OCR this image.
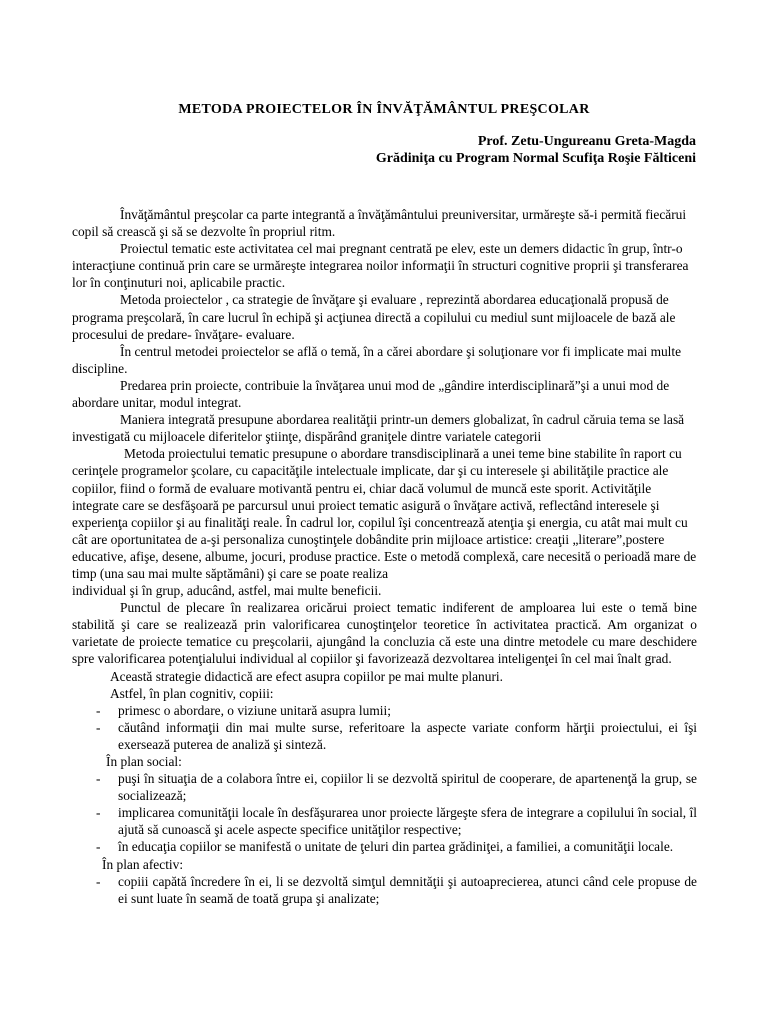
METODA PROIECTELOR ÎN ÎNVĂŢĂMÂNTUL PREŞCOLAR

Prof. Zetu-Ungureanu Greta-Magda

Grădiniţa cu Program Normal Scufiţa Roşie Fălticeni

Învăţământul preşcolar ca parte integrantă a învăţământului preuniversitar, urmăreşte să-i permită fiecărui copil să crească şi să se dezvolte în propriul ritm.

Proiectul tematic este activitatea cel mai pregnant centrată pe elev, este un demers didactic în grup, într-o interacţiune continuă prin care se urmăreşte integrarea noilor informaţii în structuri cognitive proprii şi transferarea lor în conţinuturi noi, aplicabile practic.

Metoda proiectelor , ca strategie de învăţare şi evaluare , reprezintă abordarea educaţională propusă de programa preşcolară, în care lucrul în echipă şi acţiunea directă a copilului cu mediul sunt mijloacele de bază ale procesului de predare- învăţare- evaluare.

În centrul metodei proiectelor se află o temă, în a cărei abordare şi soluţionare vor fi implicate mai multe discipline.

Predarea prin proiecte, contribuie la învăţarea unui mod de „gândire interdisciplinară”şi a unui mod de abordare unitar, modul integrat.

Maniera integrată presupune abordarea realităţii printr-un demers globalizat, în cadrul căruia tema se lasă investigată cu mijloacele diferitelor ştiinţe, dispărând graniţele dintre variatele categorii

Metoda proiectului tematic presupune o abordare transdisciplinară a unei teme bine stabilite în raport cu cerinţele programelor şcolare, cu capacităţile intelectuale implicate, dar şi cu interesele şi abilităţile practice ale copiilor, fiind o formă de evaluare motivantă pentru ei, chiar dacă volumul de muncă este sporit. Activităţile integrate care se desfăşoară pe parcursul unui proiect tematic asigură o învăţare activă, reflectând interesele şi experienţa copiilor şi au finalităţi reale. În cadrul lor, copilul îşi concentrează atenţia şi energia, cu atât mai mult cu cât are oportunitatea de a-şi personaliza cunoştinţele dobândite prin mijloace artistice: creaţii „literare”,postere educative, afişe, desene, albume, jocuri, produse practice. Este o metodă complexă, care necesită o perioadă mare de timp (una sau mai multe săptămâni) şi care se poate realiza

individual şi în grup, aducând, astfel, mai multe beneficii.

Punctul de plecare în realizarea oricărui proiect tematic indiferent de amploarea lui este o temă bine stabilită şi care se realizează prin valorificarea cunoştinţelor teoretice în activitatea practică. Am organizat o varietate de proiecte tematice cu preşcolarii, ajungând la concluzia că este una dintre metodele cu mare deschidere spre valorificarea potenţialului individual al copiilor şi favorizează dezvoltarea inteligenţei în cel mai înalt grad.

Această strategie didactică are efect asupra copiilor pe mai multe planuri.

Astfel, în plan cognitiv, copiii:

- primesc o abordare, o viziune unitară asupra lumii;
- căutând informaţii din mai multe surse, referitoare la aspecte variate conform hărţii proiectului, ei îşi exersează puterea de analiză şi sinteză.

În plan social:

- puşi în situaţia de a colabora între ei, copiilor li se dezvoltă spiritul de cooperare, de apartenenţă la grup, se socializează;
- implicarea comunităţii locale în desfăşurarea unor proiecte lărgeşte sfera de integrare a copilului în social, îl ajută să cunoască şi acele aspecte specifice unităţilor respective;
- în educaţia copiilor se manifestă o unitate de ţeluri din partea grădiniţei, a familiei, a comunităţii locale.

În plan afectiv:

- copiii capătă încredere în ei, li se dezvoltă simţul demnităţii şi autoaprecierea, atunci când cele propuse de ei sunt luate în seamă de toată grupa şi analizate;
